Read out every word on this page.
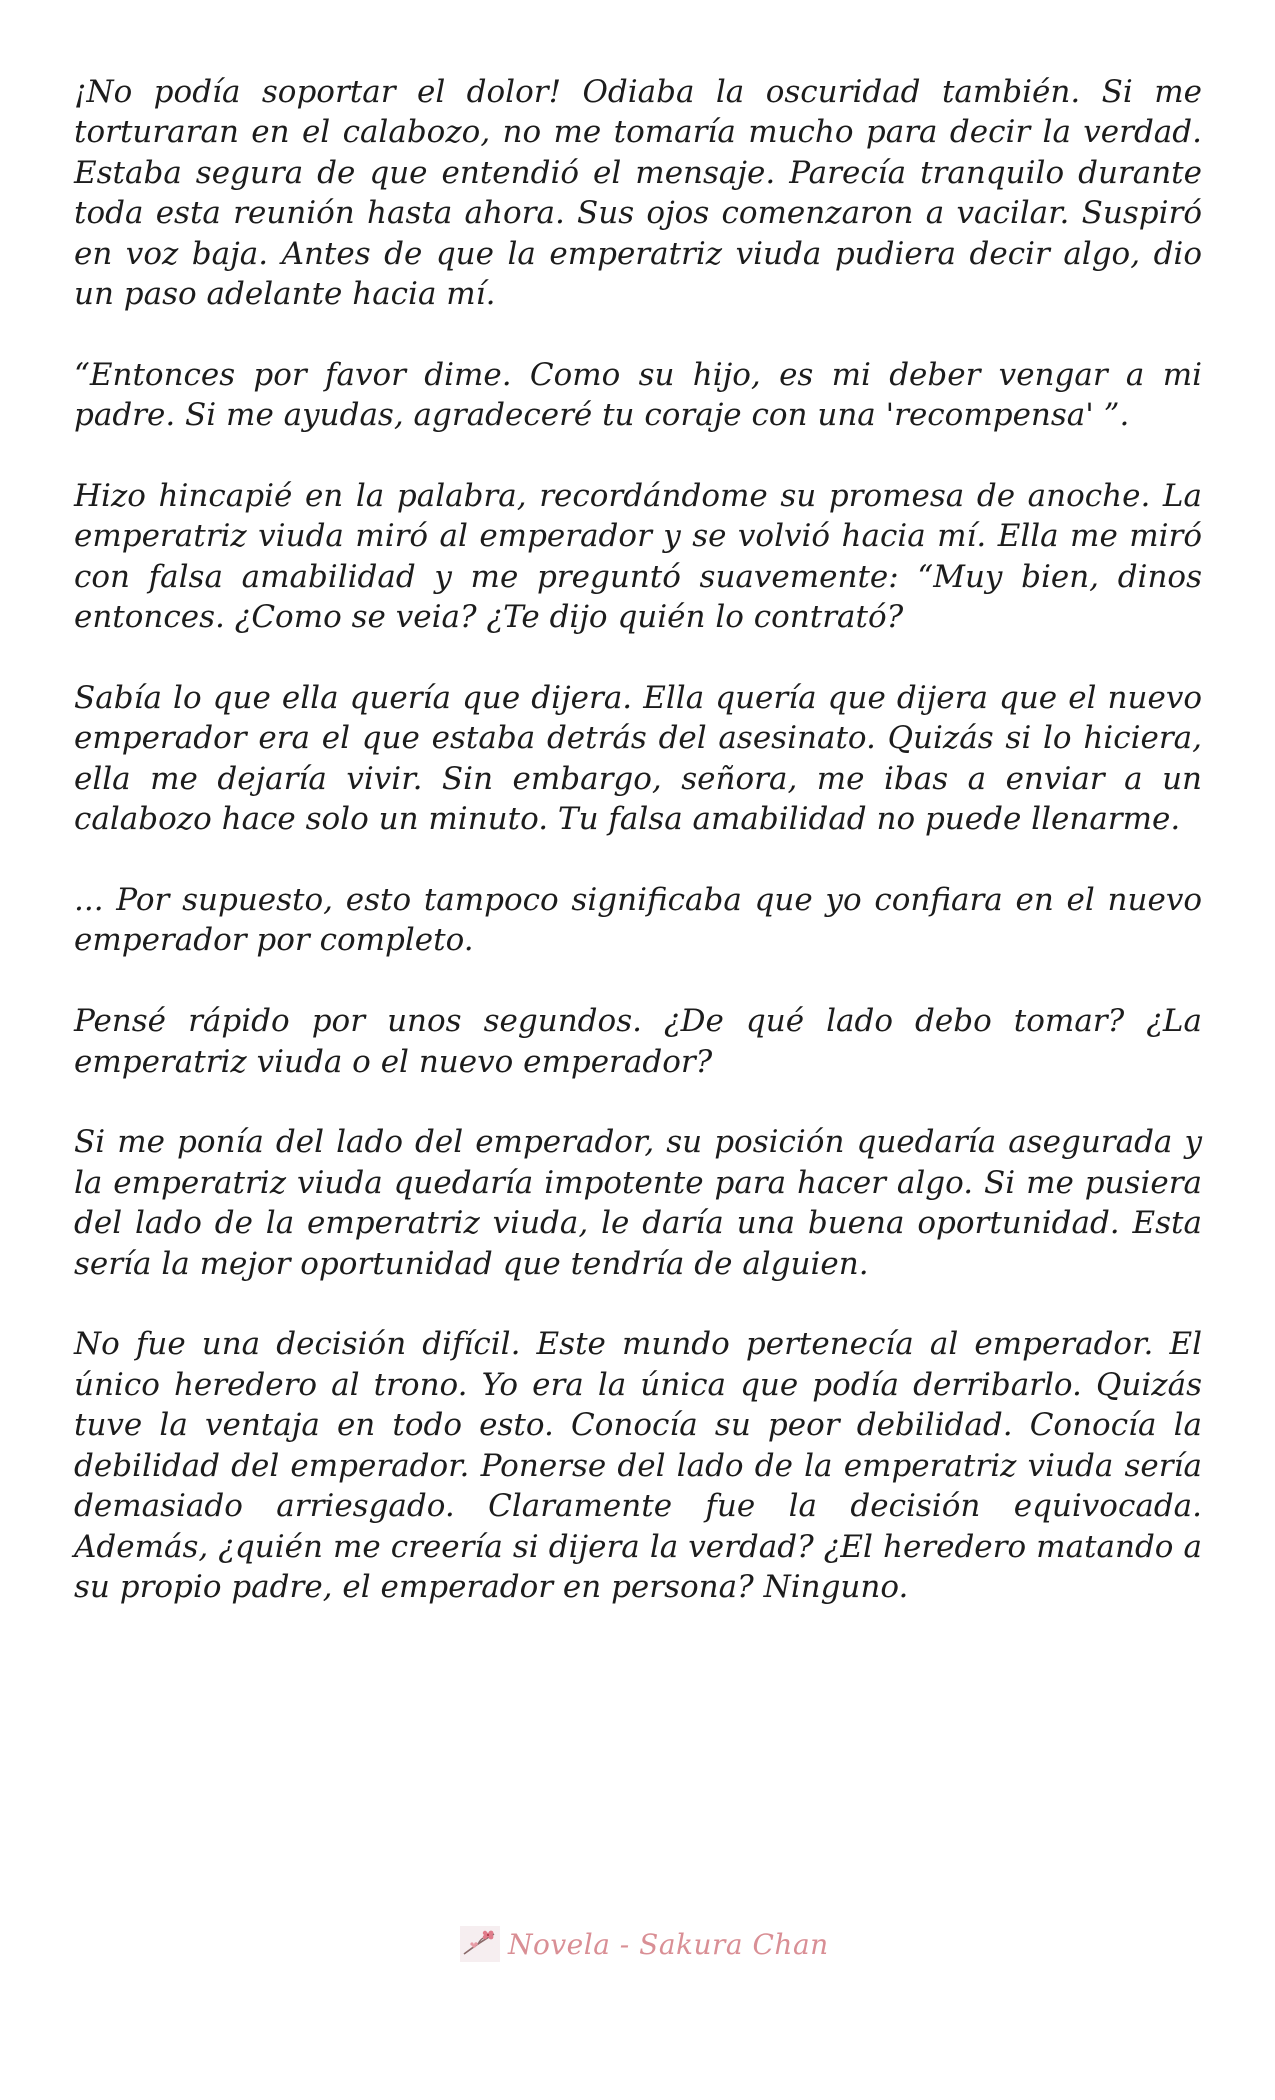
¡No podía soportar el dolor! Odiaba la oscuridad también. Si me torturaran en el calabozo, no me tomaría mucho para decir la verdad. Estaba segura de que entendió el mensaje. Parecía tranquilo durante toda esta reunión hasta ahora. Sus ojos comenzaron a vacilar. Suspiró en voz baja. Antes de que la emperatriz viuda pudiera decir algo, dio un paso adelante hacia mí.

“Entonces por favor dime. Como su hijo, es mi deber vengar a mi padre. Si me ayudas, agradeceré tu coraje con una 'recompensa' ”.

Hizo hincapié en la palabra, recordándome su promesa de anoche. La emperatriz viuda miró al emperador y se volvió hacia mí. Ella me miró con falsa amabilidad y me preguntó suavemente: “Muy bien, dinos entonces. ¿Como se veia? ¿Te dijo quién lo contrató?

Sabía lo que ella quería que dijera. Ella quería que dijera que el nuevo emperador era el que estaba detrás del asesinato. Quizás si lo hiciera, ella me dejaría vivir. Sin embargo, señora, me ibas a enviar a un calabozo hace solo un minuto. Tu falsa amabilidad no puede llenarme.

... Por supuesto, esto tampoco significaba que yo confiara en el nuevo emperador por completo.

Pensé rápido por unos segundos. ¿De qué lado debo tomar? ¿La emperatriz viuda o el nuevo emperador?

Si me ponía del lado del emperador, su posición quedaría asegurada y la emperatriz viuda quedaría impotente para hacer algo. Si me pusiera del lado de la emperatriz viuda, le daría una buena oportunidad. Esta sería la mejor oportunidad que tendría de alguien.

No fue una decisión difícil. Este mundo pertenecía al emperador. El único heredero al trono. Yo era la única que podía derribarlo. Quizás tuve la ventaja en todo esto. Conocía su peor debilidad. Conocía la debilidad del emperador. Ponerse del lado de la emperatriz viuda sería demasiado arriesgado. Claramente fue la decisión equivocada. Además, ¿quién me creería si dijera la verdad? ¿El heredero matando a su propio padre, el emperador en persona? Ninguno.

Novela - Sakura Chan
